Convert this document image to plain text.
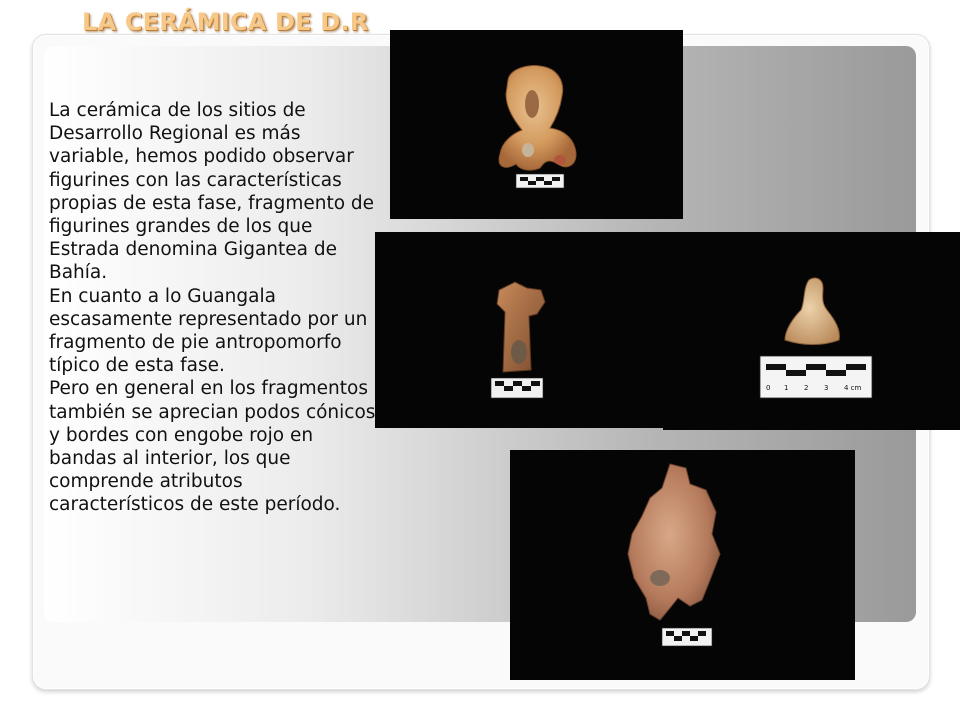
LA CERÁMICA DE D.R

La cerámica de los sitios de Desarrollo Regional es más variable, hemos podido observar figurines con las características propias de esta fase, fragmento de figurines grandes de los que Estrada denomina Gigantea de Bahía.

En cuanto a lo Guangala escasamente representado por un fragmento de pie antropomorfo típico de esta fase.

Pero en general en los fragmentos también se aprecian podos cónicos y bordes con engobe rojo en bandas al interior, los que comprende atributos característicos de este período.

0 1 2 3 4 cm
